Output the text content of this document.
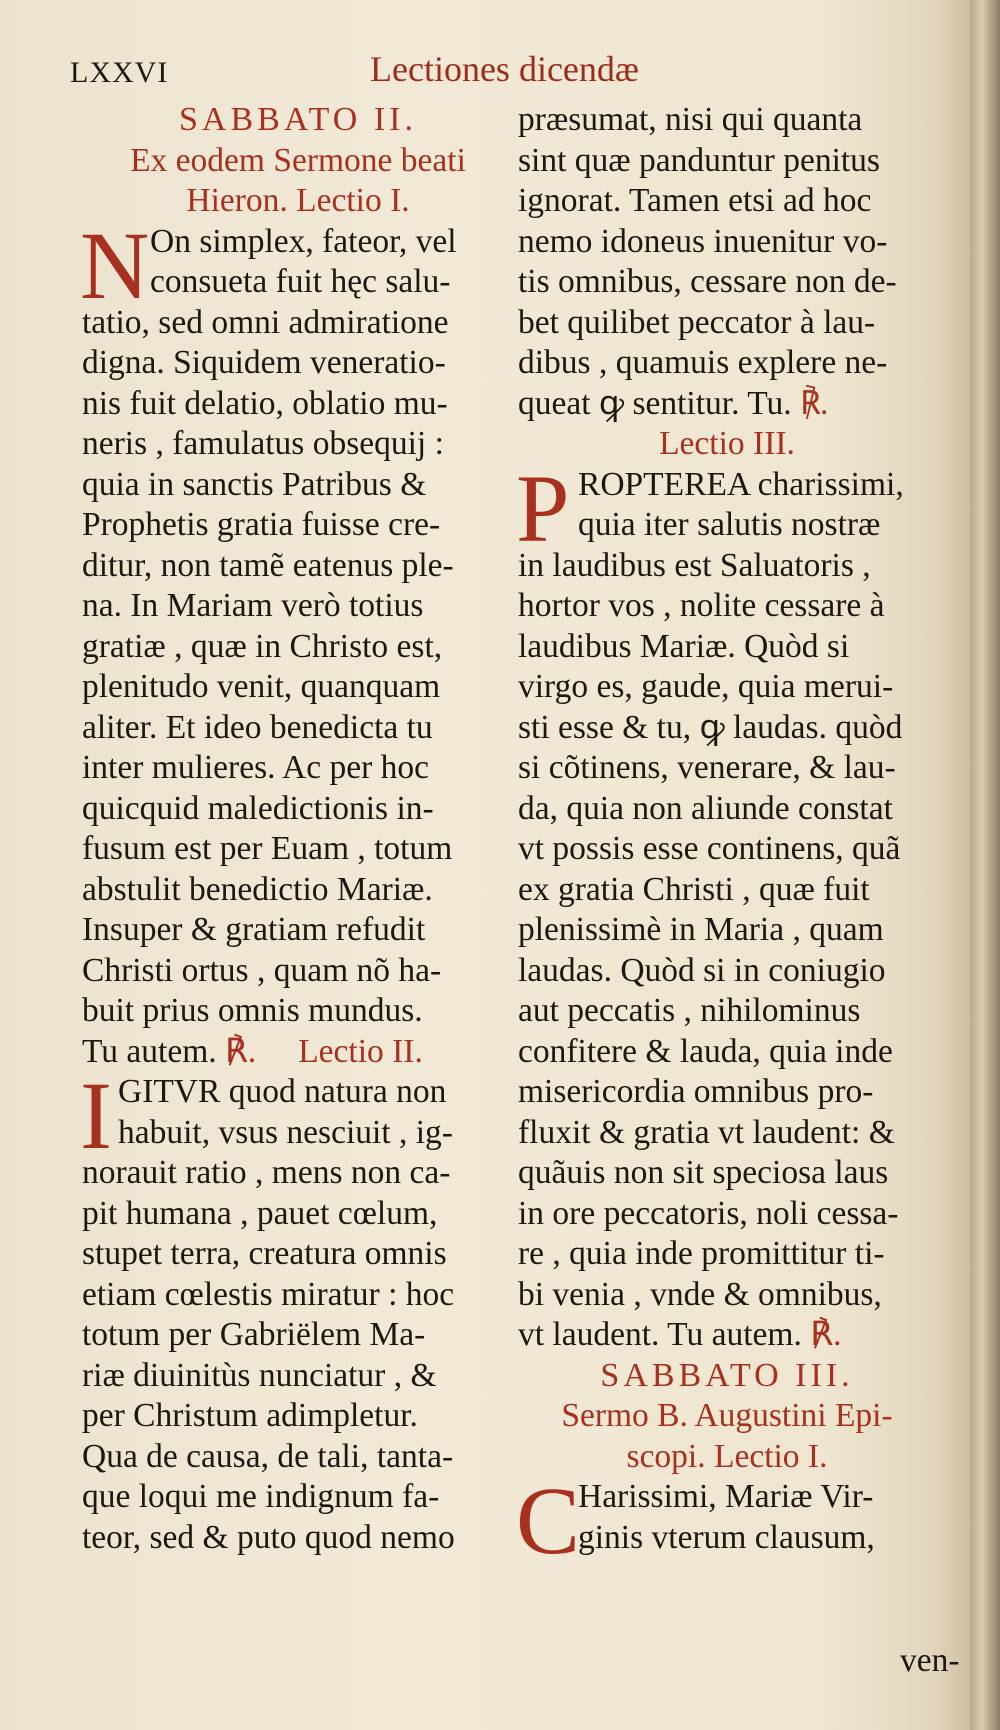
LXXVI	Lectiones dicendæ
SABBATO II.
Ex eodem Sermone beati
Hieron. Lectio I.
N On simplex, fateor, vel
consueta fuit hęc salu-
tatio, sed omni admiratione
digna. Siquidem veneratio-
nis fuit delatio, oblatio mu-
neris , famulatus obsequij :
quia in sanctis Patribus &
Prophetis gratia fuisse cre-
ditur, non tamẽ eatenus ple-
na. In Mariam verò totius
gratiæ , quæ in Christo est,
plenitudo venit, quanquam
aliter. Et ideo benedicta tu
inter mulieres. Ac per hoc
quicquid maledictionis in-
fusum est per Euam , totum
abstulit benedictio Mariæ.
Insuper & gratiam refudit
Christi ortus , quam nõ ha-
buit prius omnis mundus.
Tu autem. ℟. Lectio II.
I GITVR quod natura non
habuit, vsus nesciuit , ig-
norauit ratio , mens non ca-
pit humana , pauet cœlum,
stupet terra, creatura omnis
etiam cœlestis miratur : hoc
totum per Gabriëlem Ma-
riæ diuinitùs nunciatur , &
per Christum adimpletur.
Qua de causa, de tali, tanta-
que loqui me indignum fa-
teor, sed & puto quod nemo
præsumat, nisi qui quanta
sint quæ panduntur penitus
ignorat. Tamen etsi ad hoc
nemo idoneus inuenitur vo-
tis omnibus, cessare non de-
bet quilibet peccator à lau-
dibus , quamuis explere ne-
queat ꝙ sentitur. Tu. ℟.
Lectio III.
P ROPTEREA charissimi,
quia iter salutis nostræ
in laudibus est Saluatoris ,
hortor vos , nolite cessare à
laudibus Mariæ. Quòd si
virgo es, gaude, quia merui-
sti esse & tu, ꝙ laudas. quòd
si cõtinens, venerare, & lau-
da, quia non aliunde constat
vt possis esse continens, quã
ex gratia Christi , quæ fuit
plenissimè in Maria , quam
laudas. Quòd si in coniugio
aut peccatis , nihilominus
confitere & lauda, quia inde
misericordia omnibus pro-
fluxit & gratia vt laudent: &
quãuis non sit speciosa laus
in ore peccatoris, noli cessa-
re , quia inde promittitur ti-
bi venia , vnde & omnibus,
vt laudent. Tu autem. ℟.
SABBATO III.
Sermo B. Augustini Epi-
scopi. Lectio I.
C
Harissimi, Mariæ Vir-
ginis vterum clausum,
ven-
